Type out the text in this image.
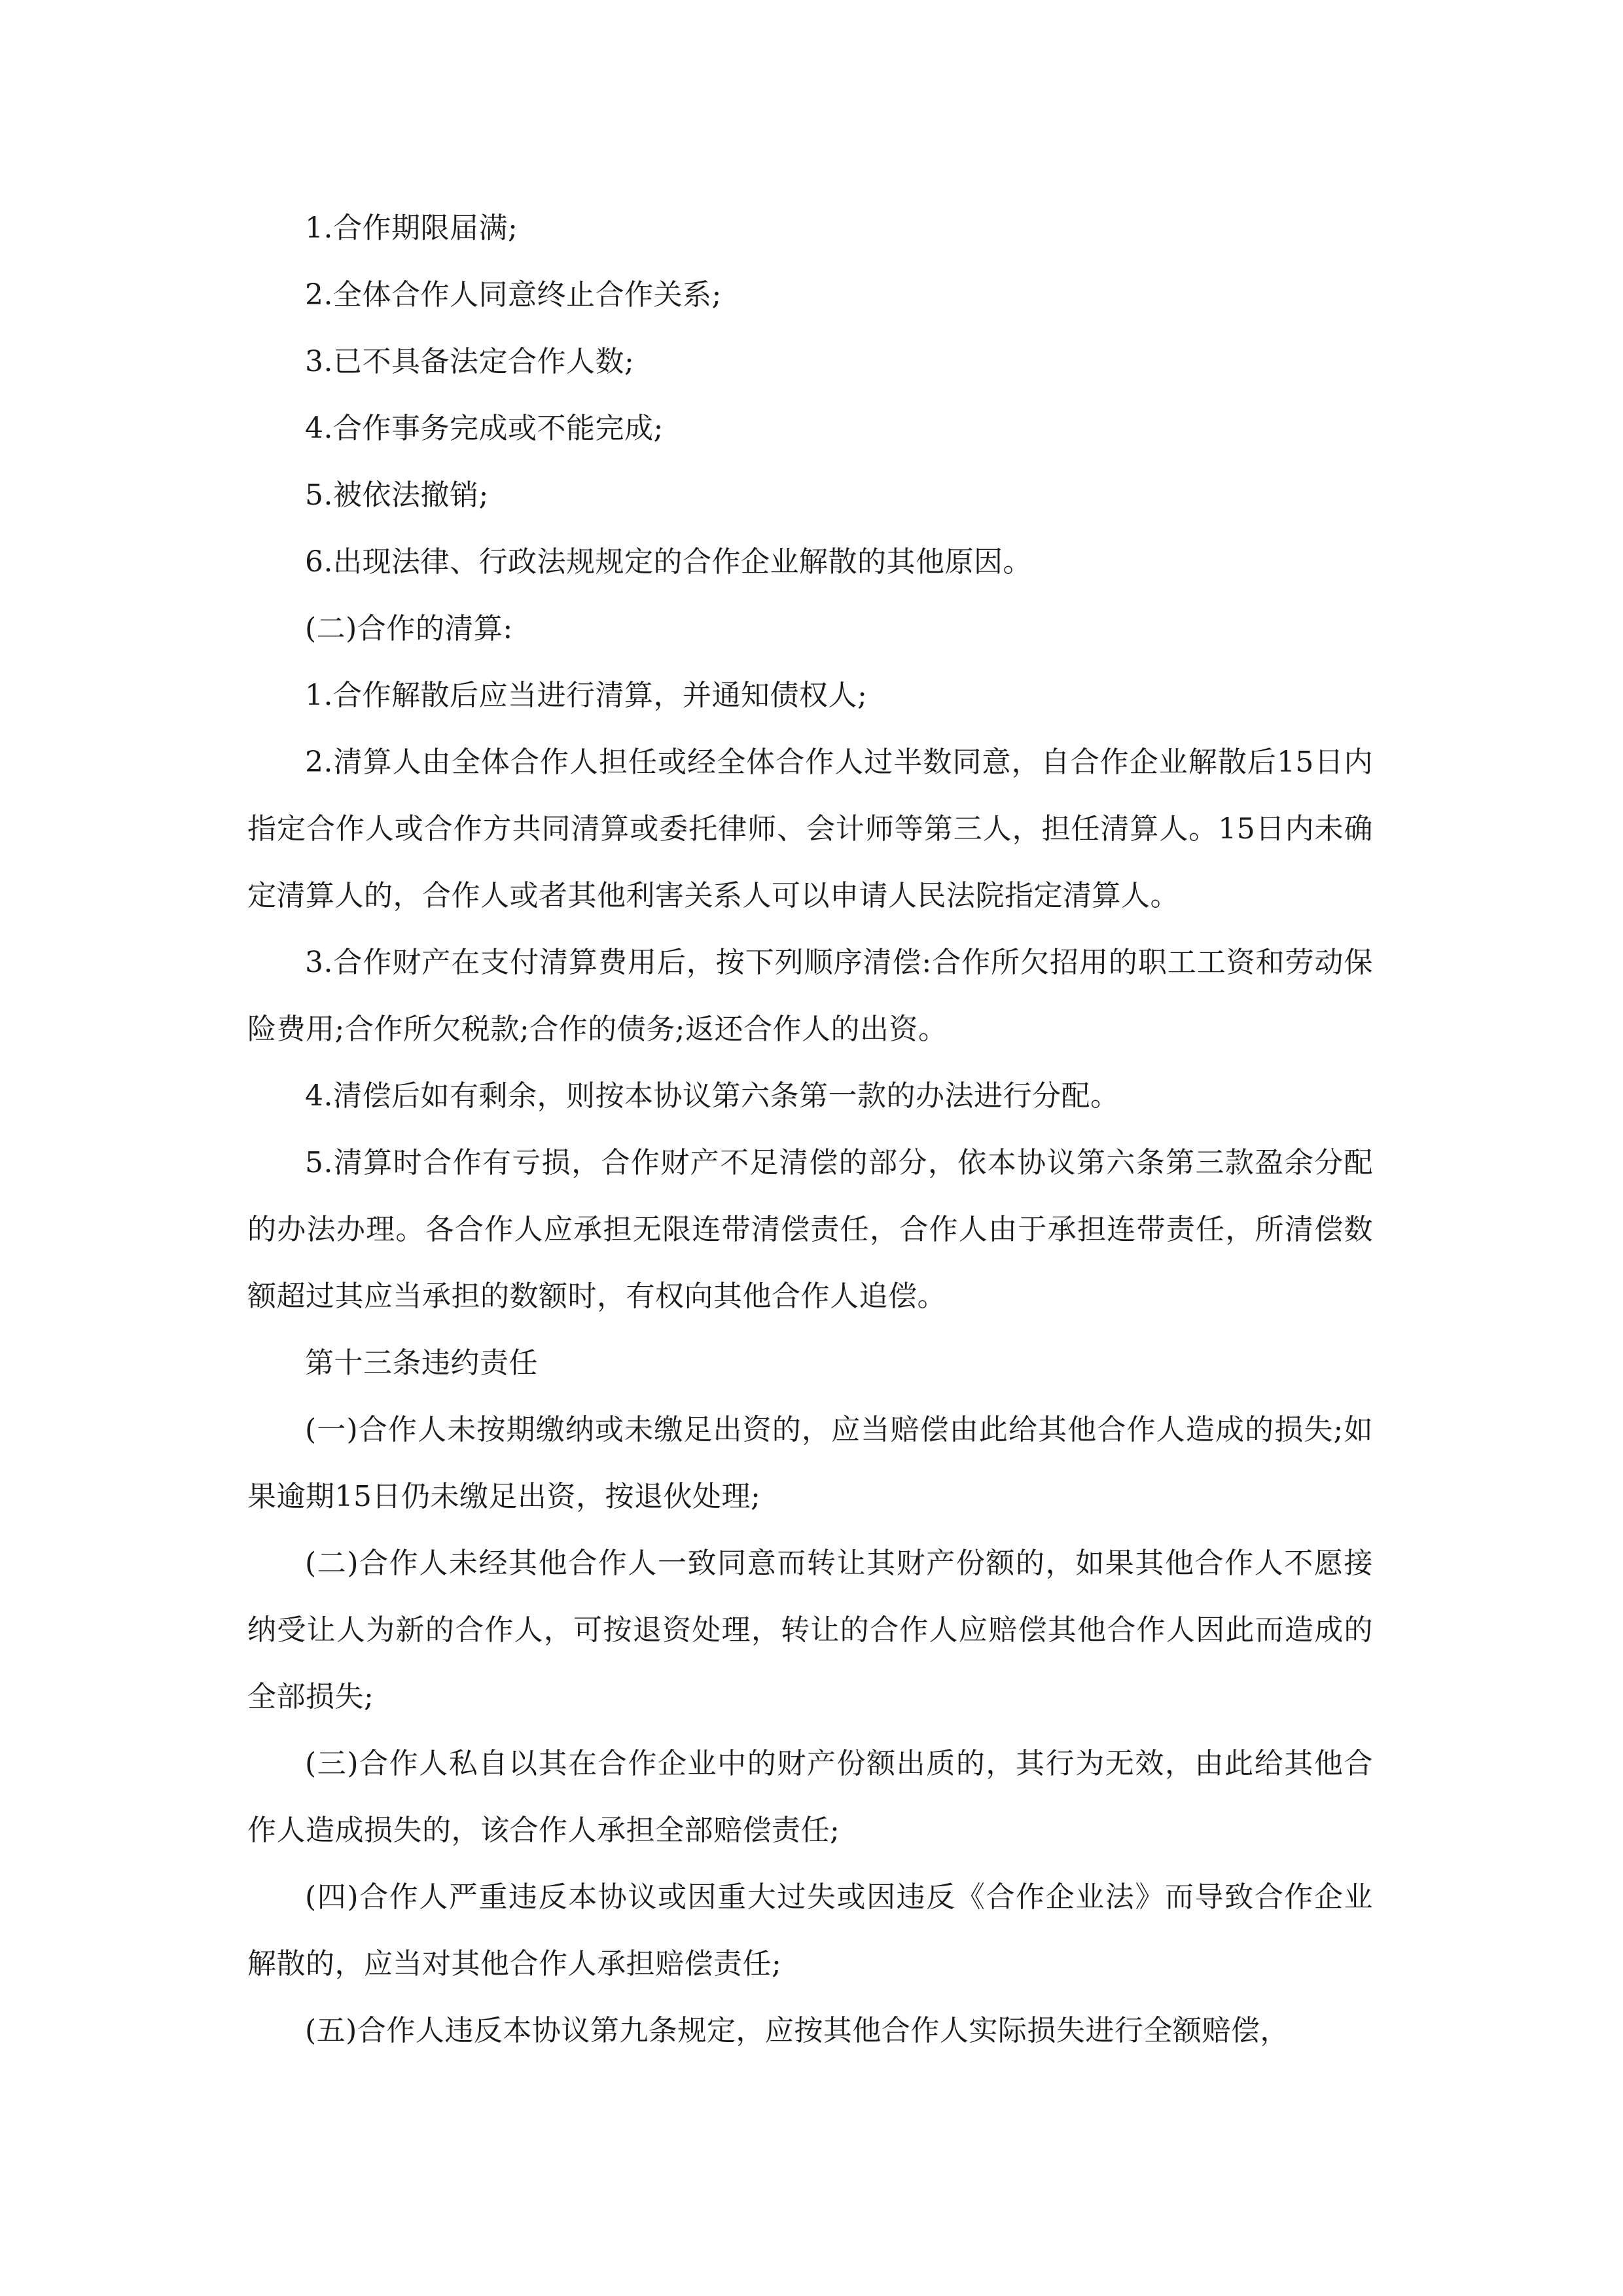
1.合作期限届满;

2.全体合作人同意终止合作关系;

3.已不具备法定合作人数;

4.合作事务完成或不能完成;

5.被依法撤销;

6.出现法律、行政法规规定的合作企业解散的其他原因。

(二)合作的清算:

1.合作解散后应当进行清算，并通知债权人;

2.清算人由全体合作人担任或经全体合作人过半数同意，自合作企业解散后15日内指定合作人或合作方共同清算或委托律师、会计师等第三人，担任清算人。15日内未确定清算人的，合作人或者其他利害关系人可以申请人民法院指定清算人。

3.合作财产在支付清算费用后，按下列顺序清偿:合作所欠招用的职工工资和劳动保险费用;合作所欠税款;合作的债务;返还合作人的出资。

4.清偿后如有剩余，则按本协议第六条第一款的办法进行分配。

5.清算时合作有亏损，合作财产不足清偿的部分，依本协议第六条第三款盈余分配的办法办理。各合作人应承担无限连带清偿责任，合作人由于承担连带责任，所清偿数额超过其应当承担的数额时，有权向其他合作人追偿。

第十三条违约责任

(一)合作人未按期缴纳或未缴足出资的，应当赔偿由此给其他合作人造成的损失;如果逾期15日仍未缴足出资，按退伙处理;

(二)合作人未经其他合作人一致同意而转让其财产份额的，如果其他合作人不愿接纳受让人为新的合作人，可按退资处理，转让的合作人应赔偿其他合作人因此而造成的全部损失;

(三)合作人私自以其在合作企业中的财产份额出质的，其行为无效，由此给其他合作人造成损失的，该合作人承担全部赔偿责任;

(四)合作人严重违反本协议或因重大过失或因违反《合作企业法》而导致合作企业解散的，应当对其他合作人承担赔偿责任;

(五)合作人违反本协议第九条规定，应按其他合作人实际损失进行全额赔偿，
